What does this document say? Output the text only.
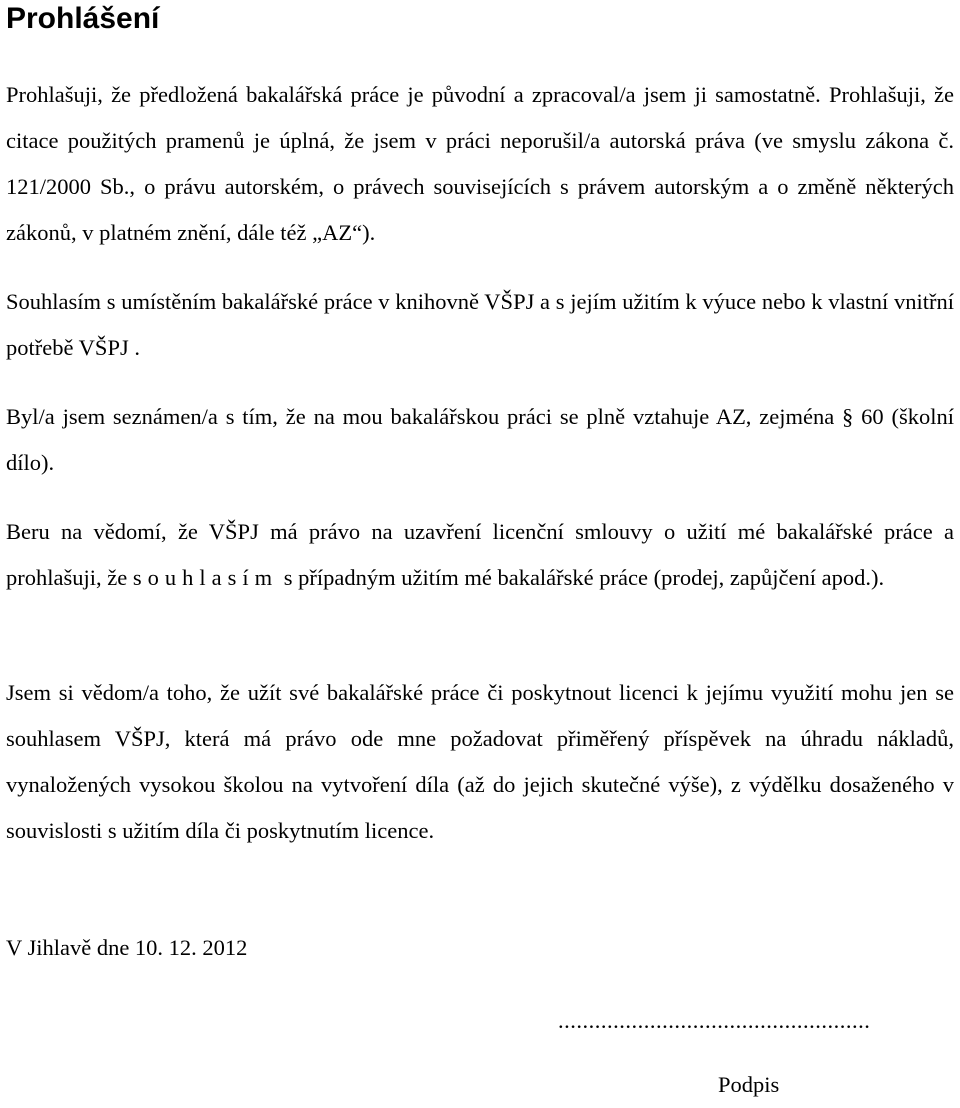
Prohlášení

Prohlašuji, že předložená bakalářská práce je původní a zpracoval/a jsem ji samostatně. Prohlašuji, že citace použitých pramenů je úplná, že jsem v práci neporušil/a autorská práva (ve smyslu zákona č. 121/2000 Sb., o právu autorském, o právech souvisejících s právem autorským a o změně některých zákonů, v platném znění, dále též „AZ“).

Souhlasím s umístěním bakalářské práce v knihovně VŠPJ a s jejím užitím k výuce nebo k vlastní vnitřní potřebě VŠPJ .

Byl/a jsem seznámen/a s tím, že na mou bakalářskou práci se plně vztahuje AZ, zejména § 60 (školní dílo).

Beru na vědomí, že VŠPJ má právo na uzavření licenční smlouvy o užití mé bakalářské práce a prohlašuji, že souhlasím s případným užitím mé bakalářské práce (prodej, zapůjčení apod.).

Jsem si vědom/a toho, že užít své bakalářské práce či poskytnout licenci k jejímu využití mohu jen se souhlasem VŠPJ, která má právo ode mne požadovat přiměřený příspěvek na úhradu nákladů, vynaložených vysokou školou na vytvoření díla (až do jejich skutečné výše), z výdělku dosaženého v souvislosti s užitím díla či poskytnutím licence.

V Jihlavě dne 10. 12. 2012

...................................................

Podpis
